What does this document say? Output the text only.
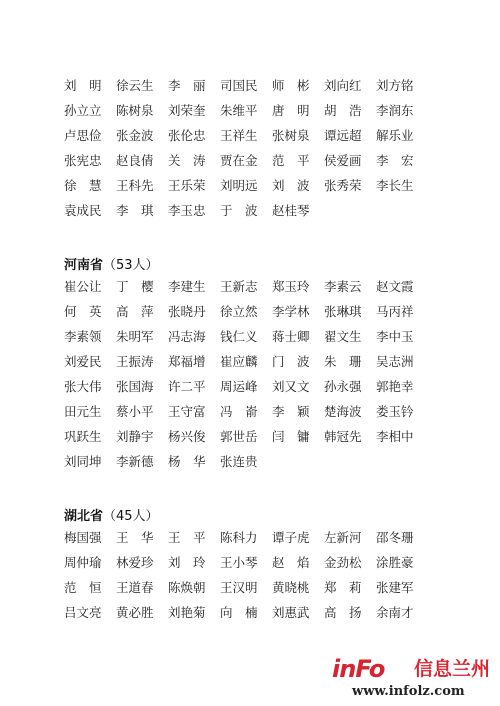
刘　明	徐云生	李　丽	司国民	师　彬	刘向红	刘方铭
孙立立	陈树泉	刘荣奎	朱维平	唐　明	胡　浩	李润东
卢思俭	张金波	张伦忠	王祥生	张树泉	谭远超	解乐业
张宪忠	赵良倩	关　涛	贾在金	范　平	侯爱画	李　宏
徐　慧	王科先	王乐荣	刘明远	刘　波	张秀荣	李长生
袁成民	李　琪	李玉忠	于　波	赵桂琴
河南省（53人）
崔公让	丁　樱	李建生	王新志	郑玉玲	李素云	赵文霞
何　英	高　萍	张晓丹	徐立然	李学林	张琳琪	马丙祥
李素领	朱明军	冯志海	钱仁义	蒋士卿	翟文生	李中玉
刘爱民	王振涛	郑福增	崔应麟	门　波	朱　珊	吴志洲
张大伟	张国海	许二平	周运峰	刘又文	孙永强	郭艳幸
田元生	蔡小平	王守富	冯　嵛	李　颖	楚海波	娄玉钤
巩跃生	刘静宇	杨兴俊	郭世岳	闫　镛	韩冠先	李相中
刘同坤	李新德	杨　华	张连贵
湖北省（45人）
梅国强	王　华	王　平	陈科力	谭子虎	左新河	邵冬珊
周仲瑜	林爱珍	刘　玲	王小琴	赵　焰	金劲松	涂胜豪
范　恒	王道春	陈焕朝	王汉明	黄晓桃	郑　莉	张建军
吕文亮	黄必胜	刘艳菊	向　楠	刘惠武	高　扬	余南才
inFo 信息兰州
www.infolz.com
